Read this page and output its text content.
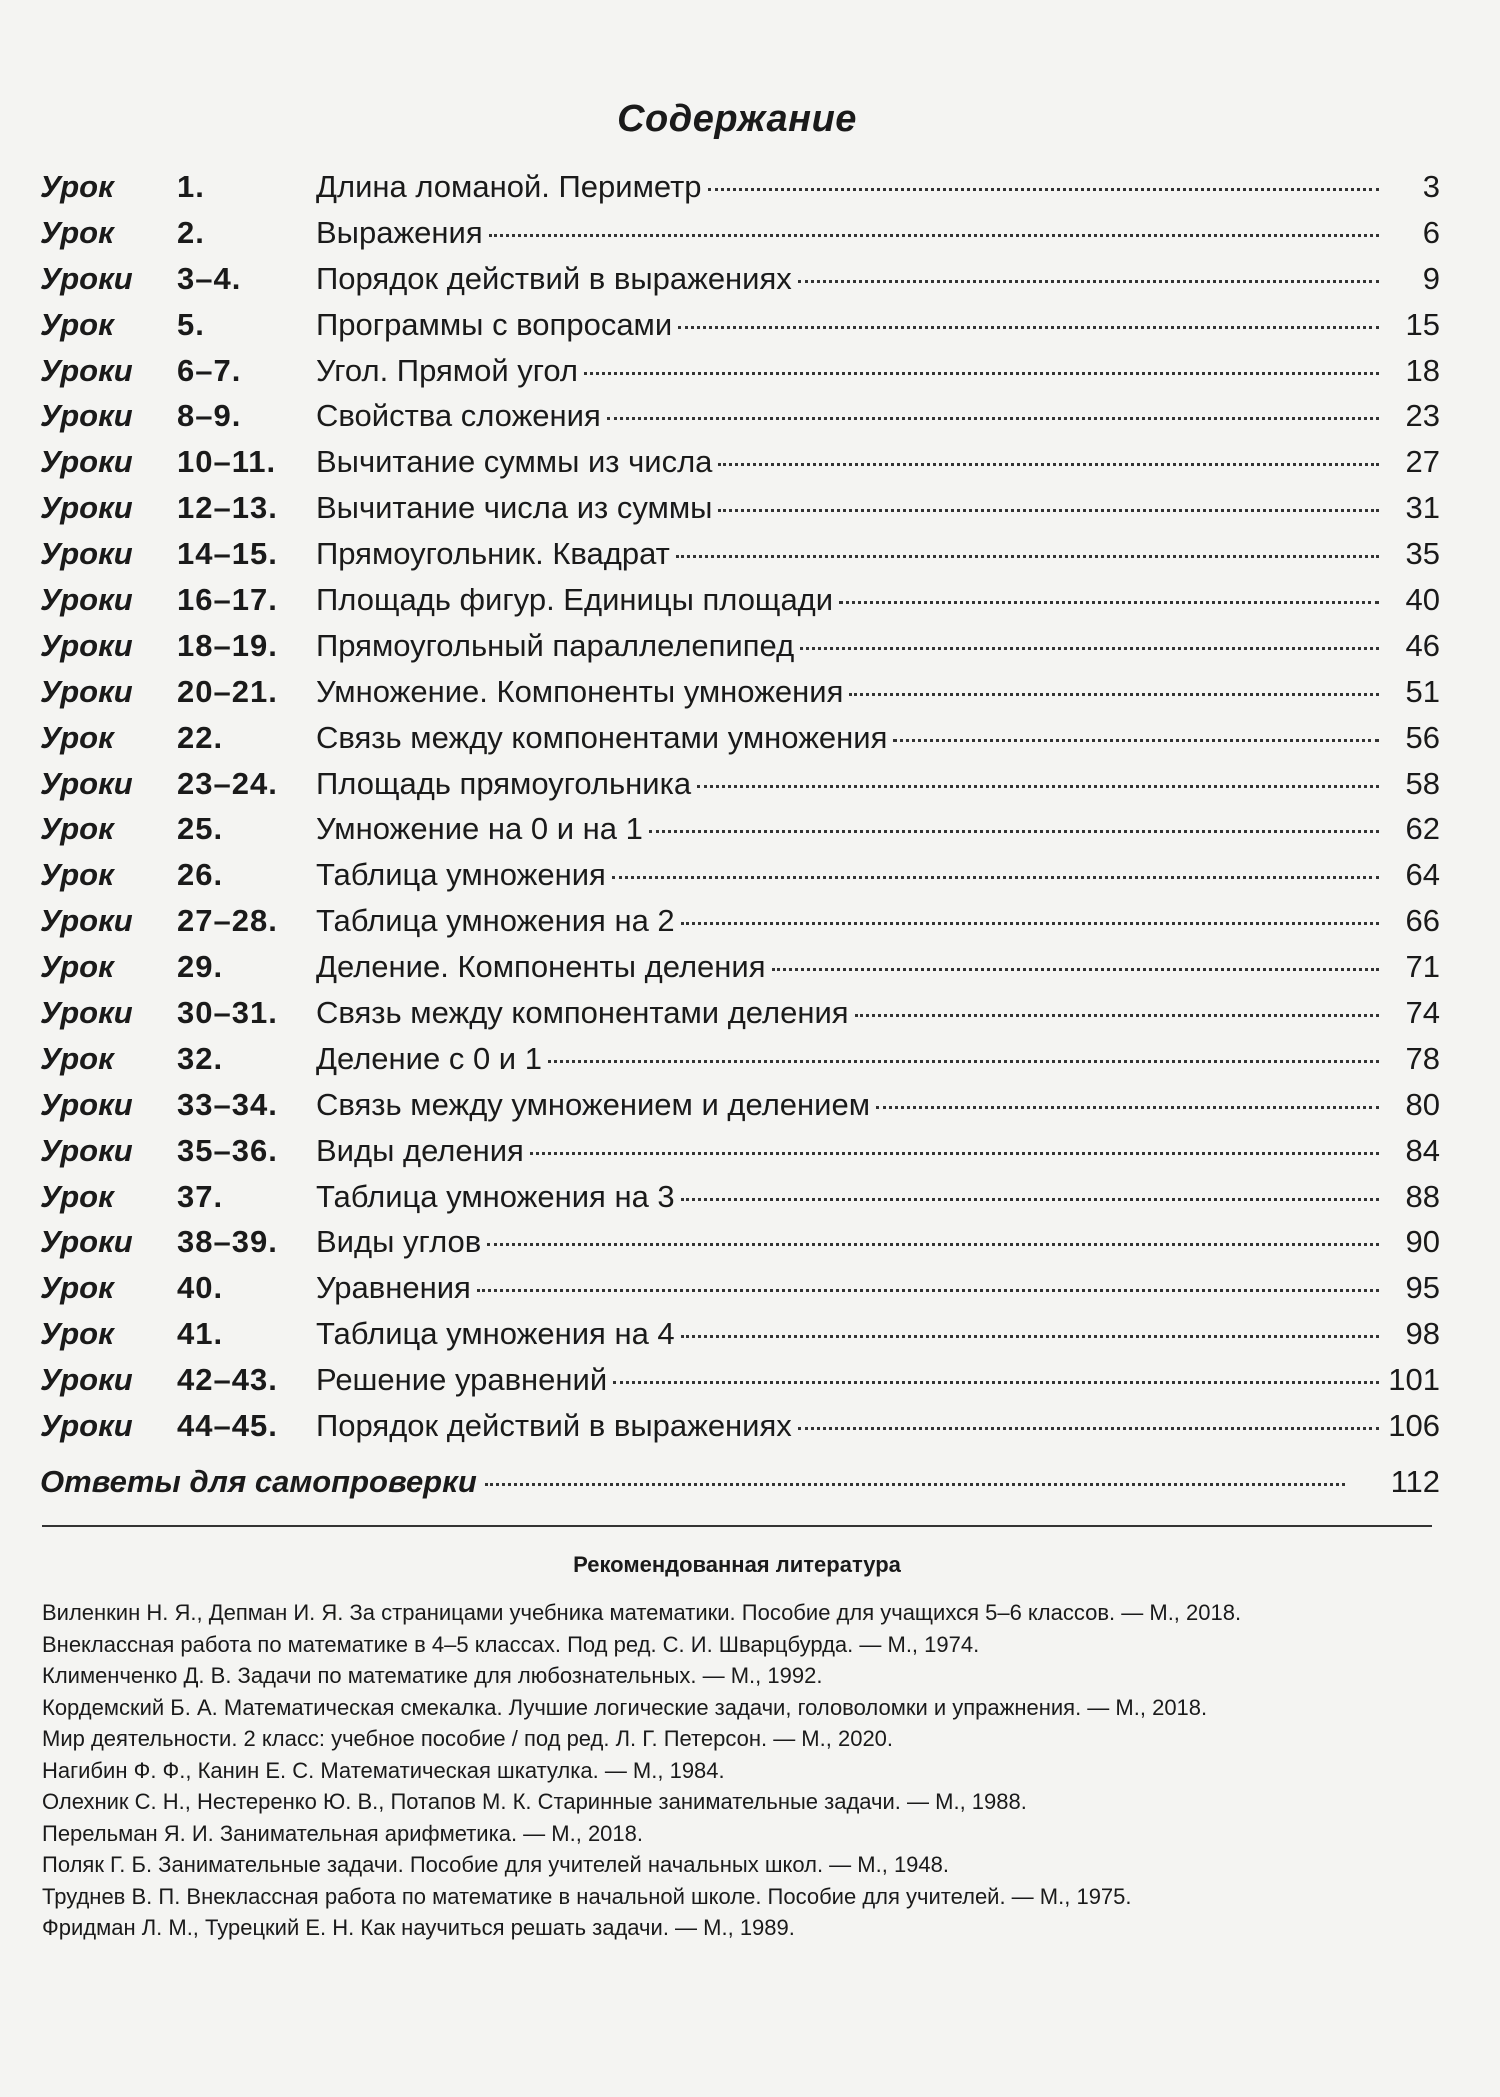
Содержание
Урок 1.	Длина ломаной. Периметр	3
Урок 2.	Выражения	6
Уроки 3–4. Порядок действий в выражениях	9
Урок 5.	Программы с вопросами	15
Уроки 6–7. Угол. Прямой угол	18
Уроки 8–9. Свойства сложения	23
Уроки 10–11. Вычитание суммы из числа	27
Уроки 12–13. Вычитание числа из суммы	31
Уроки 14–15. Прямоугольник. Квадрат	35
Уроки 16–17. Площадь фигур. Единицы площади	40
Уроки 18–19. Прямоугольный параллелепипед	46
Уроки 20–21. Умножение. Компоненты умножения	51
Урок 22.	Связь между компонентами умножения	56
Уроки 23–24. Площадь прямоугольника	58
Урок 25.	Умножение на 0 и на 1	62
Урок 26.	Таблица умножения	64
Уроки 27–28. Таблица умножения на 2	66
Урок 29.	Деление. Компоненты деления	71
Уроки 30–31. Связь между компонентами деления	74
Урок 32.	Деление с 0 и 1	78
Уроки 33–34. Связь между умножением и делением	80
Уроки 35–36. Виды деления	84
Урок 37.	Таблица умножения на 3	88
Уроки 38–39. Виды углов	90
Урок 40.	Уравнения	95
Урок 41.	Таблица умножения на 4	98
Уроки 42–43. Решение уравнений	101
Уроки 44–45. Порядок действий в выражениях	106
Ответы для самопроверки	112
Рекомендованная литература

Виленкин Н. Я., Депман И. Я. За страницами учебника математики. Пособие для учащихся 5–6 классов. — М., 2018.

Внеклассная работа по математике в 4–5 классах. Под ред. С. И. Шварцбурда. — М., 1974.

Клименченко Д. В. Задачи по математике для любознательных. — М., 1992.

Кордемский Б. А. Математическая смекалка. Лучшие логические задачи, головоломки и упражнения. — М., 2018.

Мир деятельности. 2 класс: учебное пособие / под ред. Л. Г. Петерсон. — М., 2020.

Нагибин Ф. Ф., Канин Е. С. Математическая шкатулка. — М., 1984.

Олехник С. Н., Нестеренко Ю. В., Потапов М. К. Старинные занимательные задачи. — М., 1988.

Перельман Я. И. Занимательная арифметика. — М., 2018.

Поляк Г. Б. Занимательные задачи. Пособие для учителей начальных школ. — М., 1948.

Труднев В. П. Внеклассная работа по математике в начальной школе. Пособие для учителей. — М., 1975.

Фридман Л. М., Турецкий Е. Н. Как научиться решать задачи. — М., 1989.
